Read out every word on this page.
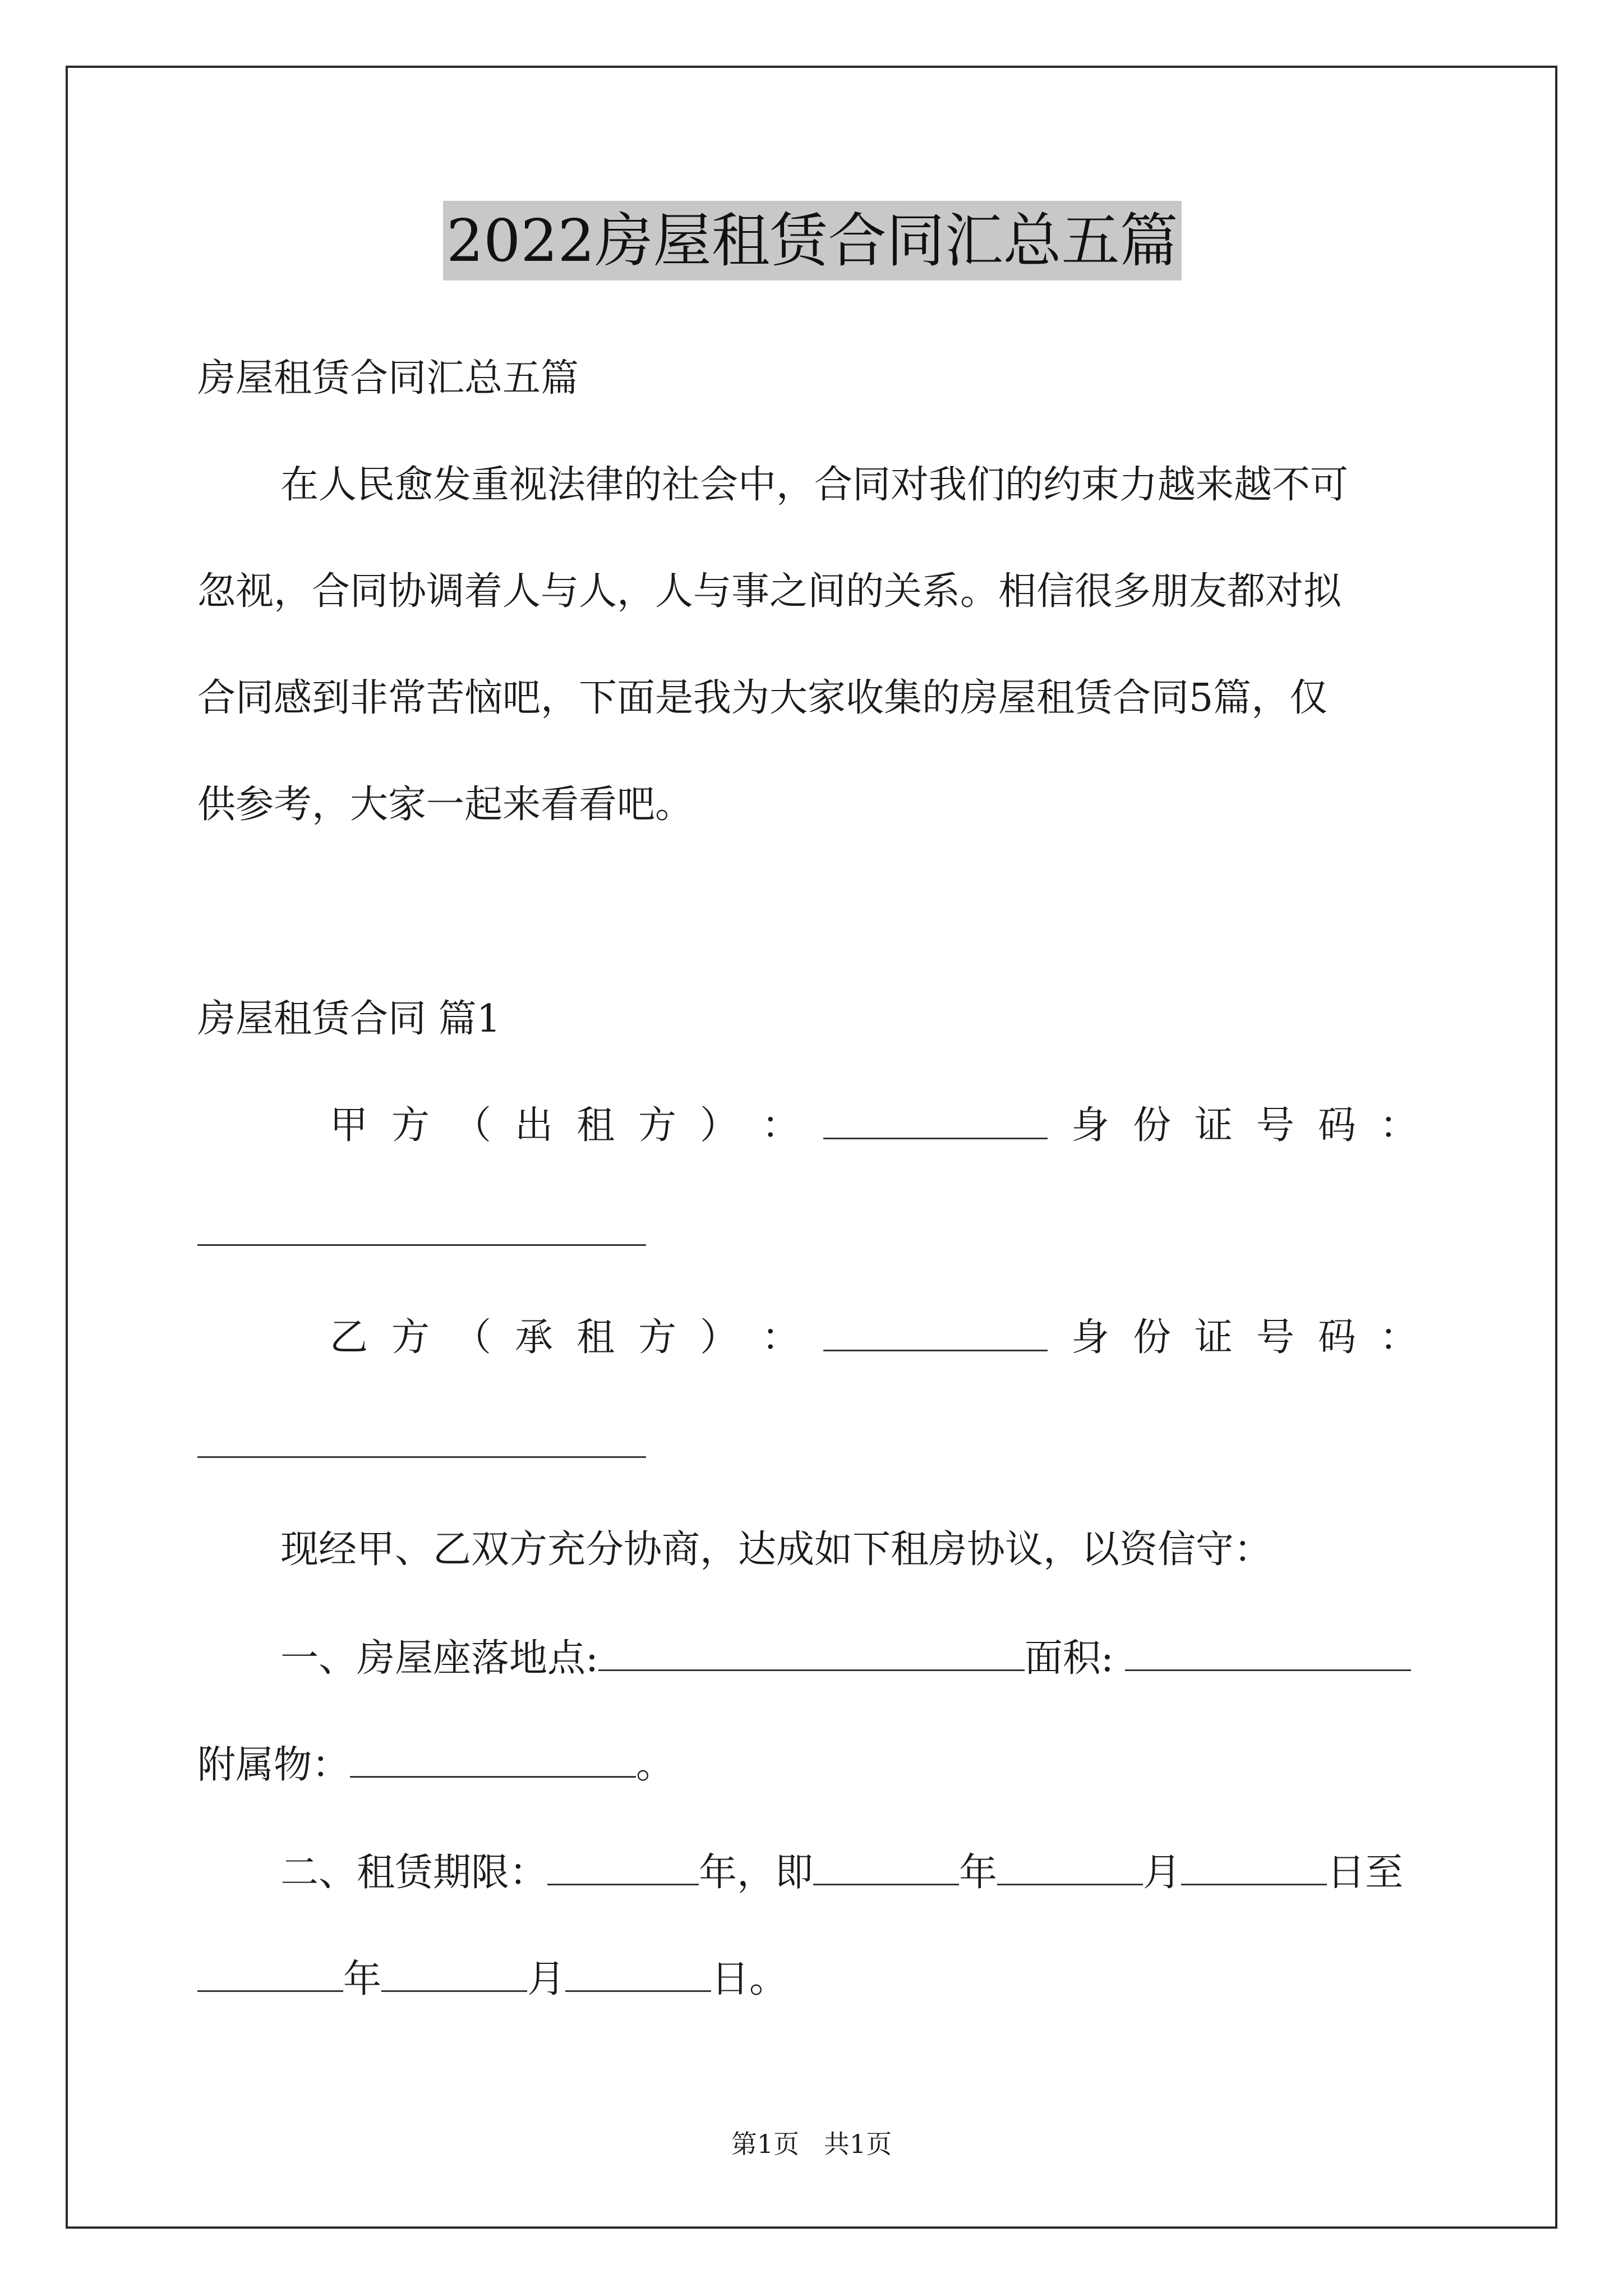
2022房屋租赁合同汇总五篇
房屋租赁合同汇总五篇
在人民愈发重视法律的社会中，合同对我们的约束力越来越不可
忽视，合同协调着人与人，人与事之间的关系。相信很多朋友都对拟
合同感到非常苦恼吧，下面是我为大家收集的房屋租赁合同5篇，仅
供参考，大家一起来看看吧。
房屋租赁合同 篇1
甲 方 （ 出 租 方 ） ：	身 份 证 号 码 ：
乙 方 （ 承 租 方 ） ：	身 份 证 号 码 ：
现经甲、乙双方充分协商，达成如下租房协议，以资信守：
一、房屋座落地点:	面积:
附属物：	。
二、租赁期限：	年，即	年	月	日至
年	月	日。
第1页   共1页
